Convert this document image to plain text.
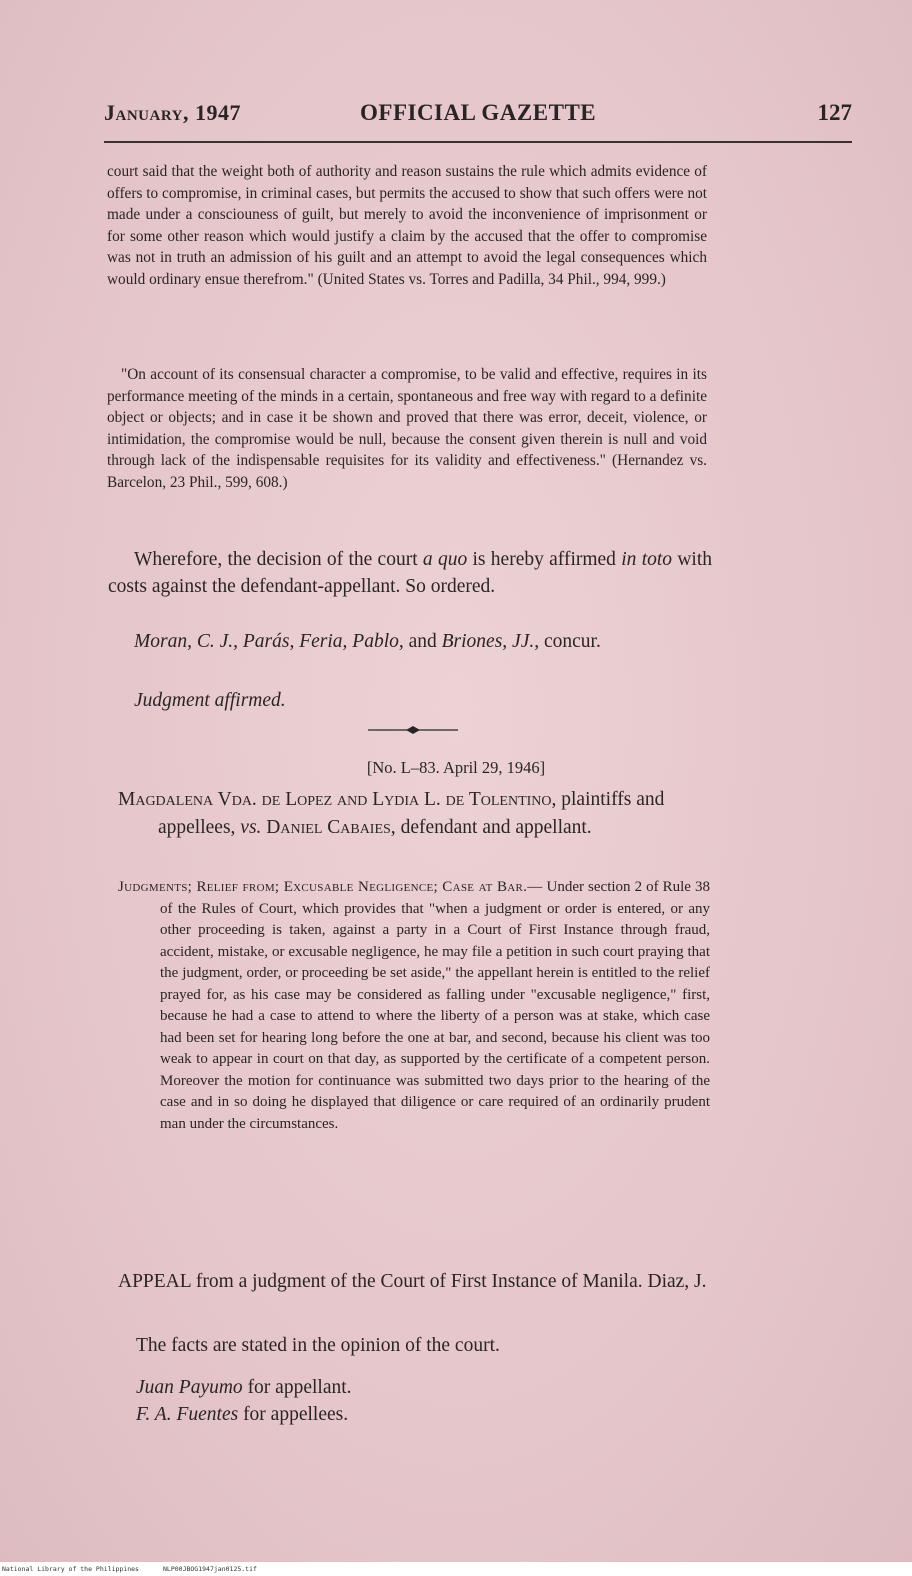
January, 1947	OFFICIAL GAZETTE	127
court said that the weight both of authority and reason sustains the rule which admits evidence of offers to compromise, in criminal cases, but permits the accused to show that such offers were not made under a consciouness of guilt, but merely to avoid the inconvenience of imprisonment or for some other reason which would justify a claim by the accused that the offer to compromise was not in truth an admission of his guilt and an attempt to avoid the legal consequences which would ordinary ensue therefrom." (United States vs. Torres and Padilla, 34 Phil., 994, 999.)
"On account of its consensual character a compromise, to be valid and effective, requires in its performance meeting of the minds in a certain, spontaneous and free way with regard to a definite object or objects; and in case it be shown and proved that there was error, deceit, violence, or intimidation, the compromise would be null, because the consent given therein is null and void through lack of the indispensable requisites for its validity and effectiveness." (Hernandez vs. Barcelon, 23 Phil., 599, 608.)
Wherefore, the decision of the court a quo is hereby affirmed in toto with costs against the defendant-appellant. So ordered.
Moran, C. J., Parás, Feria, Pablo, and Briones, JJ., concur.
Judgment affirmed.
[No. L–83. April 29, 1946]
Magdalena Vda. de Lopez and Lydia L. de Tolentino, plaintiffs and appellees, vs. Daniel Cabaies, defendant and appellant.
Judgments; Relief from; Excusable Negligence; Case at Bar.— Under section 2 of Rule 38 of the Rules of Court, which provides that "when a judgment or order is entered, or any other proceeding is taken, against a party in a Court of First Instance through fraud, accident, mistake, or excusable negligence, he may file a petition in such court praying that the judgment, order, or proceeding be set aside," the appellant herein is entitled to the relief prayed for, as his case may be considered as falling under "excusable negligence," first, because he had a case to attend to where the liberty of a person was at stake, which case had been set for hearing long before the one at bar, and second, because his client was too weak to appear in court on that day, as supported by the certificate of a competent person. Moreover the motion for continuance was submitted two days prior to the hearing of the case and in so doing he displayed that diligence or care required of an ordinarily prudent man under the circumstances.
APPEAL from a judgment of the Court of First Instance of Manila. Diaz, J.
The facts are stated in the opinion of the court.
Juan Payumo for appellant.
F. A. Fuentes for appellees.
National Library of the Philippines	NLP00JBOG1947jan0125.tif
